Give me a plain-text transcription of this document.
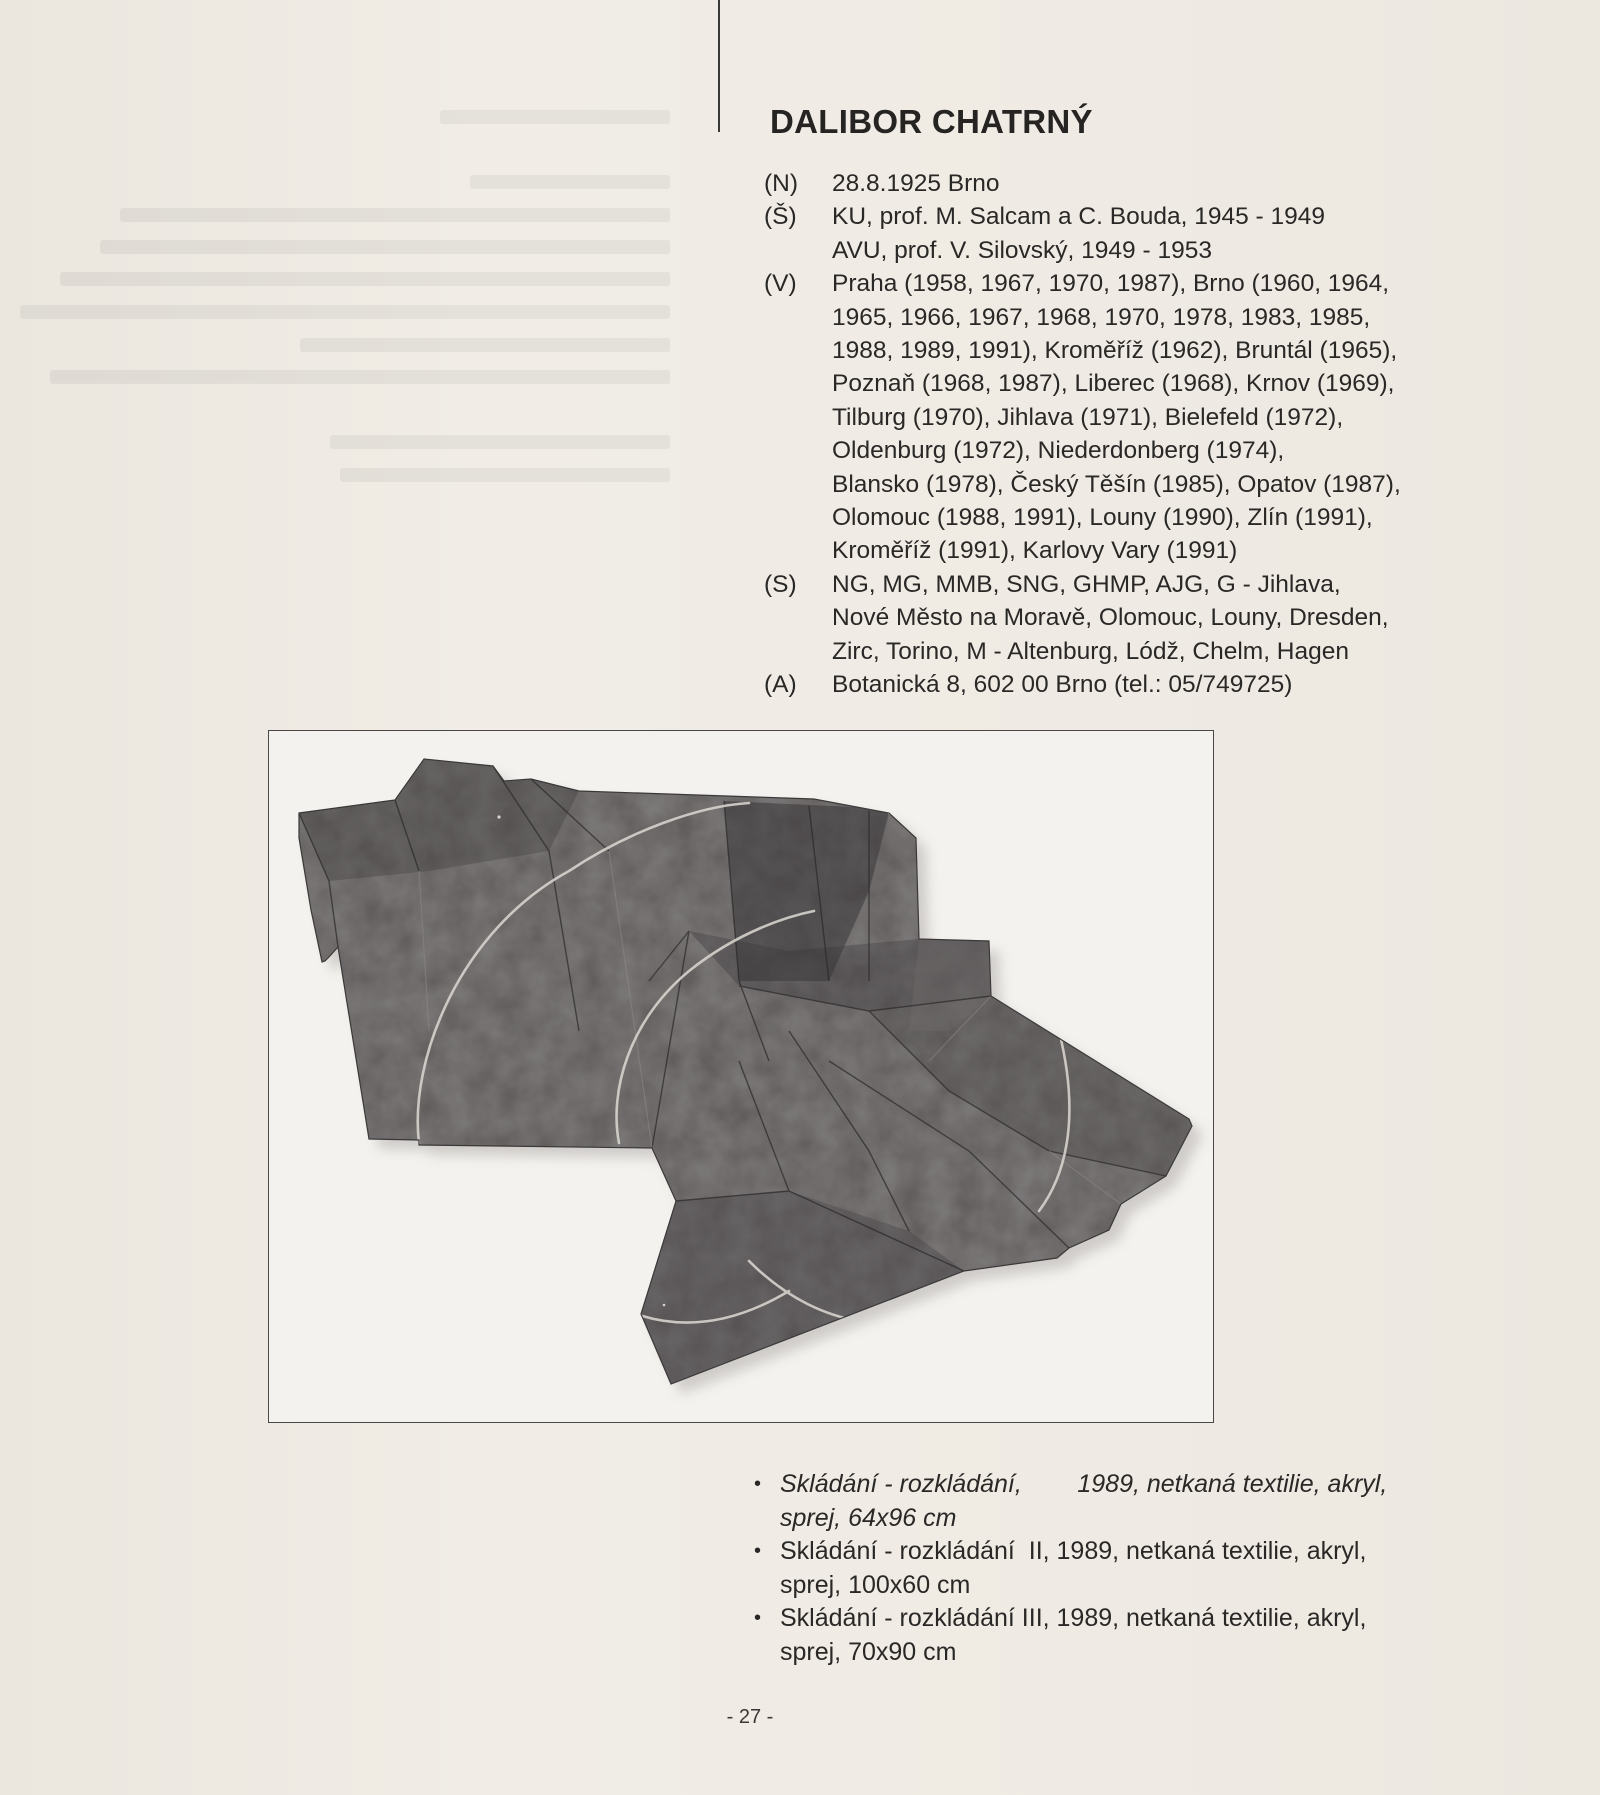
DALIBOR CHATRNÝ
(N)	28.8.1925 Brno
(Š)	KU, prof. M. Salcam a C. Bouda, 1945 - 1949
AVU, prof. V. Silovský, 1949 - 1953
(V)	Praha (1958, 1967, 1970, 1987), Brno (1960, 1964,
1965, 1966, 1967, 1968, 1970, 1978, 1983, 1985,
1988, 1989, 1991), Kroměříž (1962), Bruntál (1965),
Poznaň (1968, 1987), Liberec (1968), Krnov (1969),
Tilburg (1970), Jihlava (1971), Bielefeld (1972),
Oldenburg (1972), Niederdonberg (1974),
Blansko (1978), Český Těšín (1985), Opatov (1987),
Olomouc (1988, 1991), Louny (1990), Zlín (1991),
Kroměříž (1991), Karlovy Vary (1991)
(S)	NG, MG, MMB, SNG, GHMP, AJG, G - Jihlava,
Nové Město na Moravě, Olomouc, Louny, Dresden,
Zirc, Torino, M - Altenburg, Lódž, Chelm, Hagen
(A)	Botanická 8, 602 00 Brno (tel.: 05/749725)
• Skládání - rozkládání,        1989, netkaná textilie, akryl,
sprej, 64x96 cm
• Skládání - rozkládání  II, 1989, netkaná textilie, akryl,
sprej, 100x60 cm
• Skládání - rozkládání III, 1989, netkaná textilie, akryl,
sprej, 70x90 cm
- 27 -
